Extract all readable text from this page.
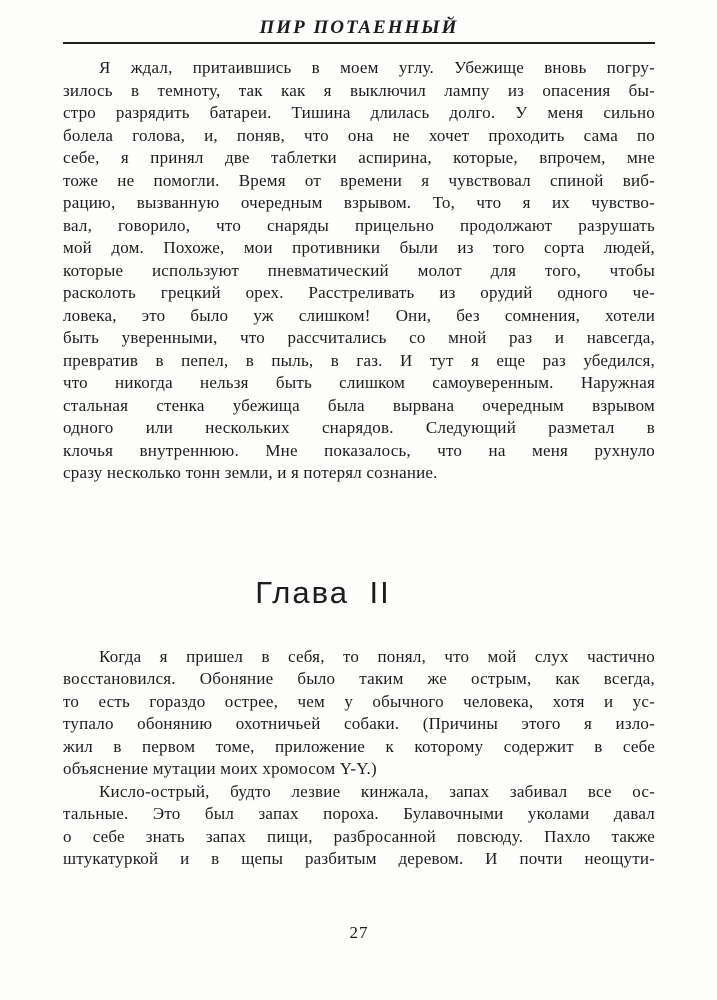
ПИР ПОТАЕННЫЙ
Я ждал, притаившись в моем углу. Убежище вновь погру-
зилось в темноту, так как я выключил лампу из опасения бы-
стро разрядить батареи. Тишина длилась долго. У меня сильно
болела голова, и, поняв, что она не хочет проходить сама по
себе, я принял две таблетки аспирина, которые, впрочем, мне
тоже не помогли. Время от времени я чувствовал спиной виб-
рацию, вызванную очередным взрывом. То, что я их чувство-
вал, говорило, что снаряды прицельно продолжают разрушать
мой дом. Похоже, мои противники были из того сорта людей,
которые используют пневматический молот для того, чтобы
расколоть грецкий орех. Расстреливать из орудий одного че-
ловека, это было уж слишком! Они, без сомнения, хотели
быть уверенными, что рассчитались со мной раз и навсегда,
превратив в пепел, в пыль, в газ. И тут я еще раз убедился,
что никогда нельзя быть слишком самоуверенным. Наружная
стальная стенка убежища была вырвана очередным взрывом
одного или нескольких снарядов. Следующий разметал в
клочья внутреннюю. Мне показалось, что на меня рухнуло
сразу несколько тонн земли, и я потерял сознание.
Глава II
Когда я пришел в себя, то понял, что мой слух частично
восстановился. Обоняние было таким же острым, как всегда,
то есть гораздо острее, чем у обычного человека, хотя и ус-
тупало обонянию охотничьей собаки. (Причины этого я изло-
жил в первом томе, приложение к которому содержит в себе
объяснение мутации моих хромосом Y-Y.)
Кисло-острый, будто лезвие кинжала, запах забивал все ос-
тальные. Это был запах пороха. Булавочными уколами давал
о себе знать запах пищи, разбросанной повсюду. Пахло также
штукатуркой и в щепы разбитым деревом. И почти неощути-
27
